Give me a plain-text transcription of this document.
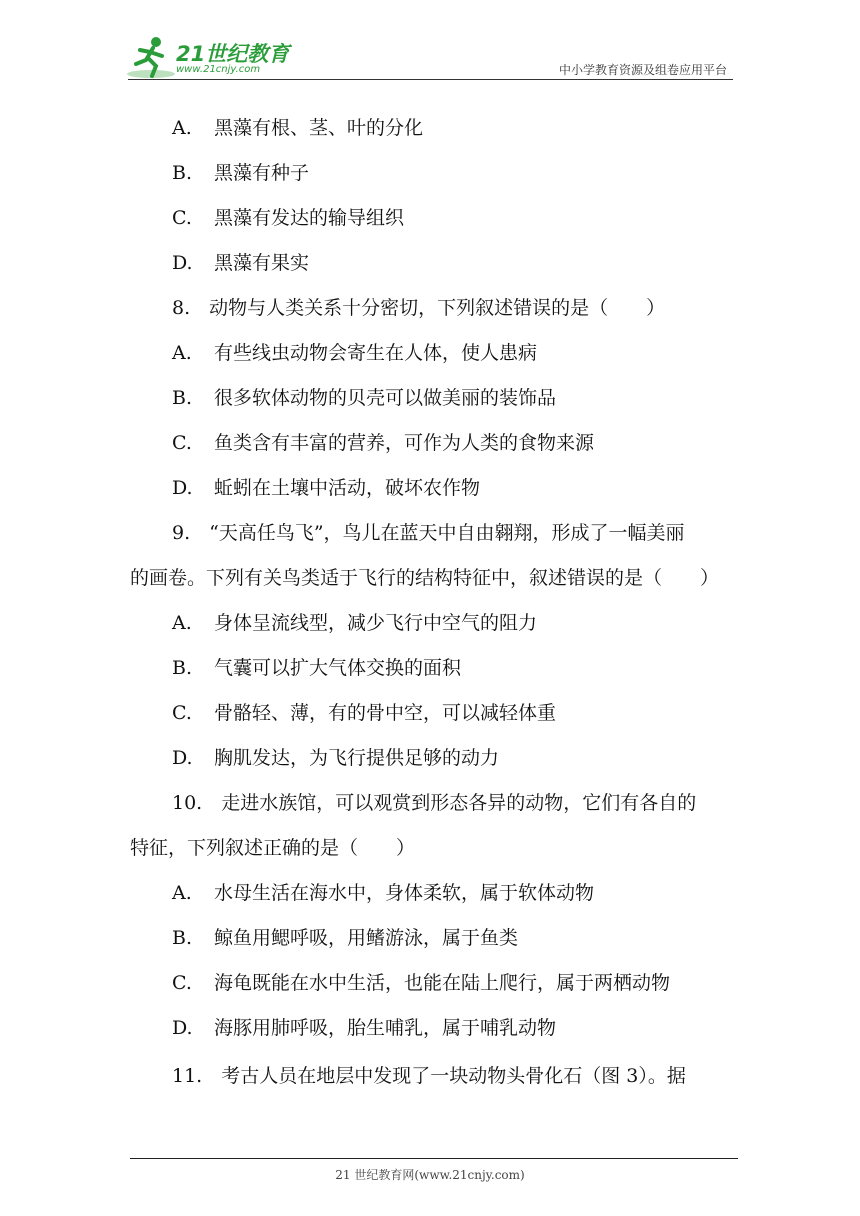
21世纪教育
www.21cnjy.com	中小学教育资源及组卷应用平台
A. 黑藻有根、茎、叶的分化
B. 黑藻有种子
C. 黑藻有发达的输导组织
D. 黑藻有果实
8.　动物与人类关系十分密切，下列叙述错误的是（　　）
A. 有些线虫动物会寄生在人体，使人患病
B. 很多软体动物的贝壳可以做美丽的装饰品
C. 鱼类含有丰富的营养，可作为人类的食物来源
D. 蚯蚓在土壤中活动，破坏农作物
9.　“天高任鸟飞”，鸟儿在蓝天中自由翱翔，形成了一幅美丽
的画卷。下列有关鸟类适于飞行的结构特征中，叙述错误的是（　　）
A. 身体呈流线型，减少飞行中空气的阻力
B. 气囊可以扩大气体交换的面积
C. 骨骼轻、薄，有的骨中空，可以减轻体重
D. 胸肌发达，为飞行提供足够的动力
10.　走进水族馆，可以观赏到形态各异的动物，它们有各自的
特征，下列叙述正确的是（　　）
A. 水母生活在海水中，身体柔软，属于软体动物
B. 鲸鱼用鳃呼吸，用鳍游泳，属于鱼类
C. 海龟既能在水中生活，也能在陆上爬行，属于两栖动物
D. 海豚用肺呼吸，胎生哺乳，属于哺乳动物
11.　考古人员在地层中发现了一块动物头骨化石（图 3）。据
21 世纪教育网(www.21cnjy.com)
